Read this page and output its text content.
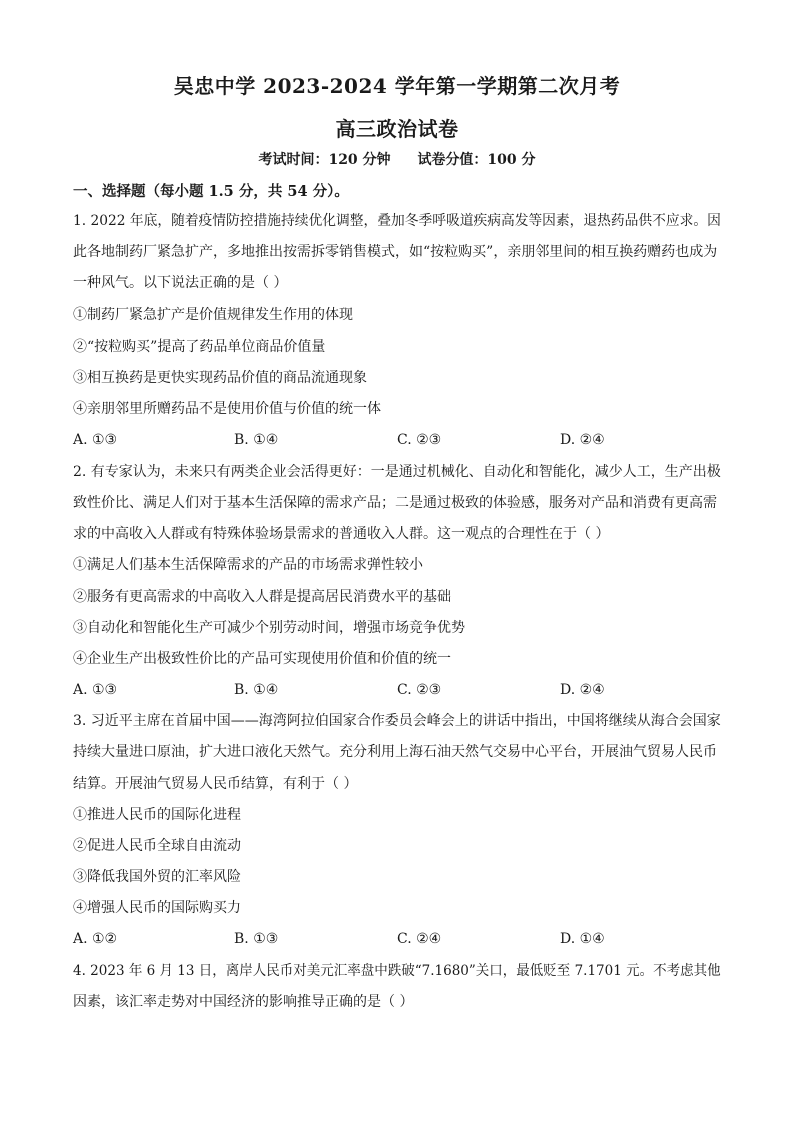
吴忠中学 2023-2024 学年第一学期第二次月考
高三政治试卷
考试时间：120 分钟 试卷分值：100 分
一、选择题（每小题 1.5 分，共 54 分）。
1. 2022 年底，随着疫情防控措施持续优化调整，叠加冬季呼吸道疾病高发等因素，退热药品供不应求。因
此各地制药厂紧急扩产，多地推出按需拆零销售模式，如“按粒购买”，亲朋邻里间的相互换药赠药也成为
一种风气。以下说法正确的是（ ）
①制药厂紧急扩产是价值规律发生作用的体现
②“按粒购买”提高了药品单位商品价值量
③相互换药是更快实现药品价值的商品流通现象
④亲朋邻里所赠药品不是使用价值与价值的统一体
A. ①③	B. ①④	C. ②③	D. ②④
2. 有专家认为，未来只有两类企业会活得更好：一是通过机械化、自动化和智能化，减少人工，生产出极
致性价比、满足人们对于基本生活保障的需求产品；二是通过极致的体验感，服务对产品和消费有更高需
求的中高收入人群或有特殊体验场景需求的普通收入人群。这一观点的合理性在于（ ）
①满足人们基本生活保障需求的产品的市场需求弹性较小
②服务有更高需求的中高收入人群是提高居民消费水平的基础
③自动化和智能化生产可减少个别劳动时间，增强市场竞争优势
④企业生产出极致性价比的产品可实现使用价值和价值的统一
A. ①③	B. ①④	C. ②③	D. ②④
3. 习近平主席在首届中国——海湾阿拉伯国家合作委员会峰会上的讲话中指出，中国将继续从海合会国家
持续大量进口原油，扩大进口液化天然气。充分利用上海石油天然气交易中心平台，开展油气贸易人民币
结算。开展油气贸易人民币结算，有利于（ ）
①推进人民币的国际化进程
②促进人民币全球自由流动
③降低我国外贸的汇率风险
④增强人民币的国际购买力
A. ①②	B. ①③	C. ②④	D. ①④
4. 2023 年 6 月 13 日，离岸人民币对美元汇率盘中跌破“7.1680”关口，最低贬至 7.1701 元。不考虑其他
因素，该汇率走势对中国经济的影响推导正确的是（ ）
